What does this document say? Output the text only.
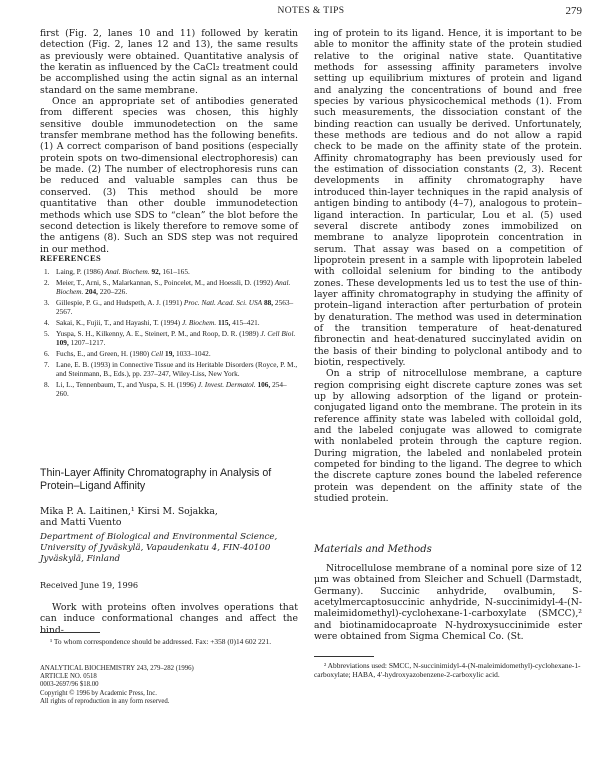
NOTES & TIPS	279

first (Fig. 2, lanes 10 and 11) followed by keratin detection (Fig. 2, lanes 12 and 13), the same results as previously were obtained. Quantitative analysis of the keratin as influenced by the CaCl₂ treatment could be accomplished using the actin signal as an internal standard on the same membrane.

Once an appropriate set of antibodies generated from different species was chosen, this highly sensitive double immunodetection on the same transfer membrane method has the following benefits. (1) A correct comparison of band positions (especially protein spots on two-dimensional electrophoresis) can be made. (2) The number of electrophoresis runs can be reduced and valuable samples can thus be conserved. (3) This method should be more quantitative than other double immunodetection methods which use SDS to “clean” the blot before the second detection is likely therefore to remove some of the antigens (8). Such an SDS step was not required in our method.

REFERENCES
1. Laing, P. (1986) Anal. Biochem. 92, 161–165.
2. Meier, T., Arni, S., Malarkannan, S., Poincelet, M., and Hoessli, D. (1992) Anal. Biochem. 204, 220–226.
3. Gillespie, P. G., and Hudspeth, A. J. (1991) Proc. Natl. Acad. Sci. USA 88, 2563–2567.
4. Sakai, K., Fujii, T., and Hayashi, T. (1994) J. Biochem. 115, 415–421.
5. Yuspa, S. H., Kilkenny, A. E., Steinert, P. M., and Roop, D. R. (1989) J. Cell Biol. 109, 1207–1217.
6. Fuchs, E., and Green, H. (1980) Cell 19, 1033–1042.
7. Lane, E. B. (1993) in Connective Tissue and its Heritable Disorders (Royce, P. M., and Steinmann, B., Eds.), pp. 237–247, Wiley-Liss, New York.
8. Li, L., Tennenbaum, T., and Yuspa, S. H. (1996) J. Invest. Dermatol. 106, 254–260.
Thin-Layer Affinity Chromatography in Analysis of Protein–Ligand Affinity
Mika P. A. Laitinen,¹ Kirsi M. Sojakka,
and Matti Vuento
Department of Biological and Environmental Science, University of Jyväskylä, Vapaudenkatu 4, FIN-40100 Jyväskylä, Finland
Received June 19, 1996
Work with proteins often involves operations that can induce conformational changes and affect the bind-
¹ To whom correspondence should be addressed. Fax: +358 (0)14 602 221.
ANALYTICAL BIOCHEMISTRY 243, 279–282 (1996)
ARTICLE NO. 0518
0003-2697/96 $18.00
Copyright © 1996 by Academic Press, Inc.
All rights of reproduction in any form reserved.

ing of protein to its ligand. Hence, it is important to be able to monitor the affinity state of the protein studied relative to the original native state. Quantitative methods for assessing affinity parameters involve setting up equilibrium mixtures of protein and ligand and analyzing the concentrations of bound and free species by various physicochemical methods (1). From such measurements, the dissociation constant of the binding reaction can usually be derived. Unfortunately, these methods are tedious and do not allow a rapid check to be made on the affinity state of the protein. Affinity chromatography has been previously used for the estimation of dissociation constants (2, 3). Recent developments in affinity chromatography have introduced thin-layer techniques in the rapid analysis of antigen binding to antibody (4–7), analogous to protein–ligand interaction. In particular, Lou et al. (5) used several discrete antibody zones immobilized on membrane to analyze lipoprotein concentration in serum. That assay was based on a competition of lipoprotein present in a sample with lipoprotein labeled with colloidal selenium for binding to the antibody zones. These developments led us to test the use of thin-layer affinity chromatography in studying the affinity of protein–ligand interaction after perturbation of protein by denaturation. The method was used in determination of the transition temperature of heat-denatured fibronectin and heat-denatured succinylated avidin on the basis of their binding to polyclonal antibody and to biotin, respectively.

On a strip of nitrocellulose membrane, a capture region comprising eight discrete capture zones was set up by allowing adsorption of the ligand or protein-conjugated ligand onto the membrane. The protein in its reference affinity state was labeled with colloidal gold, and the labeled conjugate was allowed to comigrate with nonlabeled protein through the capture region. During migration, the labeled and nonlabeled protein competed for binding to the ligand. The degree to which the discrete capture zones bound the labeled reference protein was dependent on the affinity state of the studied protein.

Materials and Methods

Nitrocellulose membrane of a nominal pore size of 12 μm was obtained from Sleicher and Schuell (Darmstadt, Germany). Succinic anhydride, ovalbumin, S-acetylmercaptosuccinic anhydride, N-succinimidyl-4-(N-maleimidomethyl)-cyclohexane-1-carboxylate (SMCC),² and biotinamidocaproate N-hydroxysuccinimide ester were obtained from Sigma Chemical Co. (St.

² Abbreviations used: SMCC, N-succinimidyl-4-(N-maleimidomethyl)-cyclohexane-1-carboxylate; HABA, 4′-hydroxyazobenzene-2-carboxylic acid.
